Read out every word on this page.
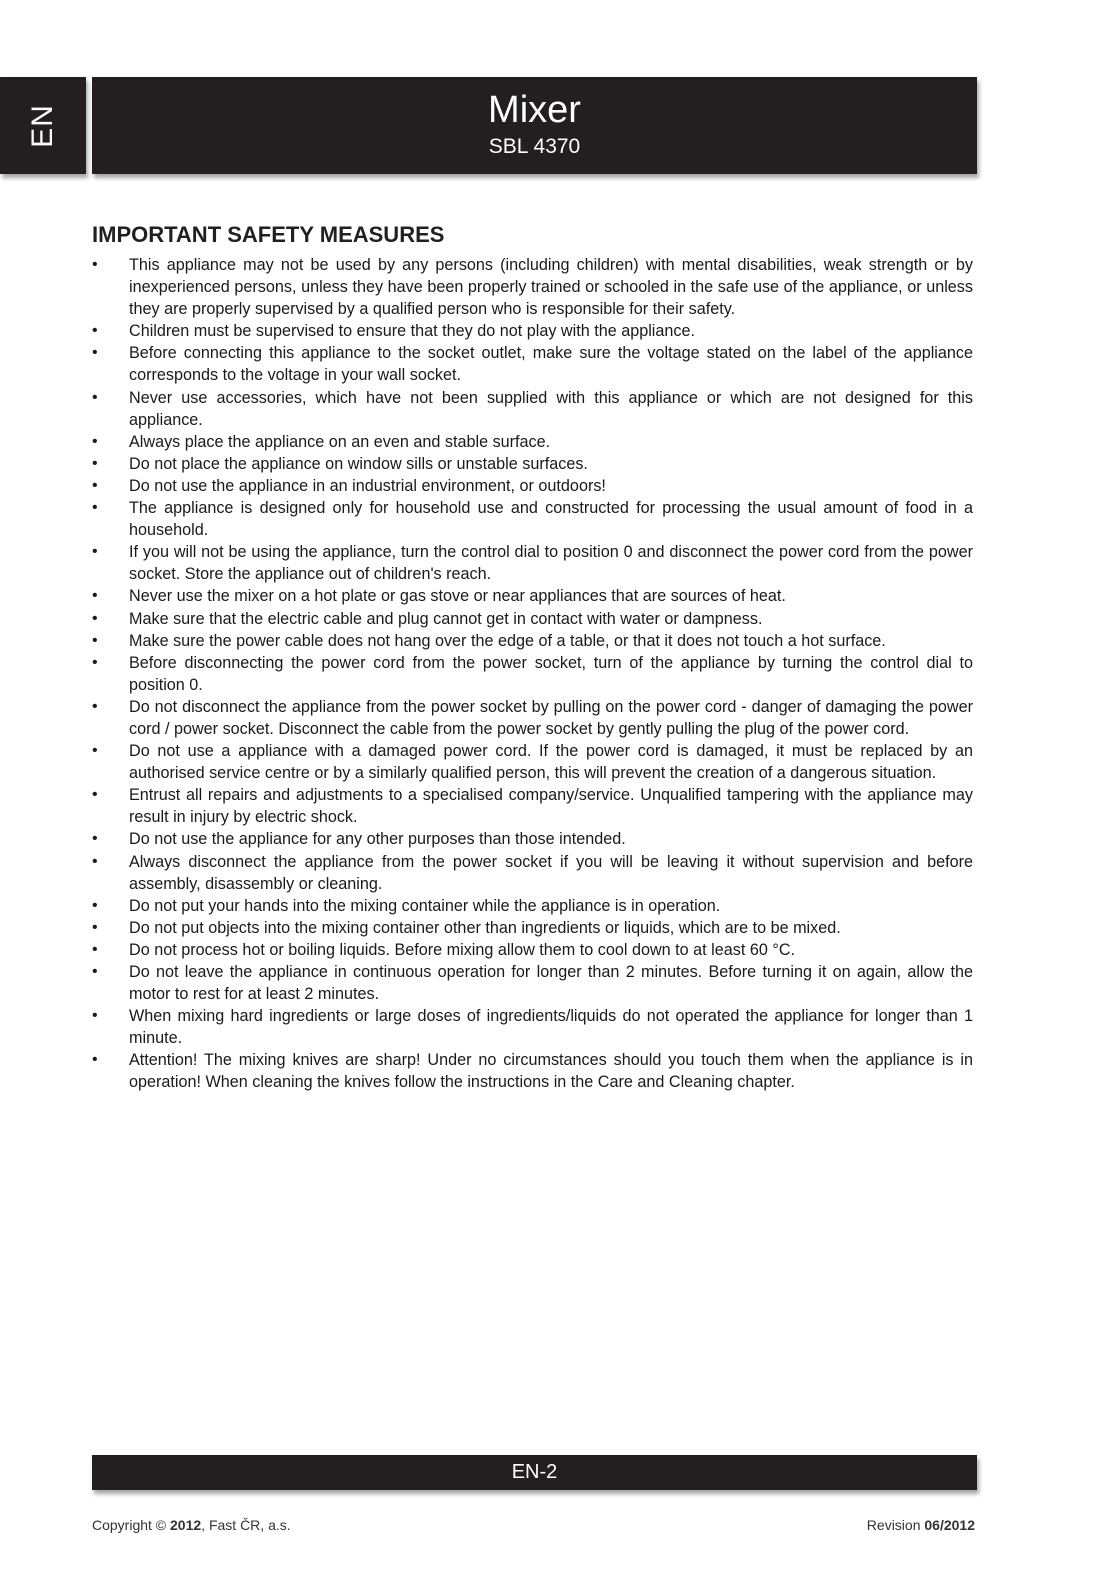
EN	Mixer
SBL 4370
IMPORTANT SAFETY MEASURES
• This appliance may not be used by any persons (including children) with mental disabilities, weak strength or by inexperienced persons, unless they have been properly trained or schooled in the safe use of the appliance, or unless they are properly supervised by a qualified person who is responsible for their safety.
• Children must be supervised to ensure that they do not play with the appliance.
• Before connecting this appliance to the socket outlet, make sure the voltage stated on the label of the appliance corresponds to the voltage in your wall socket.
• Never use accessories, which have not been supplied with this appliance or which are not designed for this appliance.
• Always place the appliance on an even and stable surface.
• Do not place the appliance on window sills or unstable surfaces.
• Do not use the appliance in an industrial environment, or outdoors!
• The appliance is designed only for household use and constructed for processing the usual amount of food in a household.
• If you will not be using the appliance, turn the control dial to position 0 and disconnect the power cord from the power socket. Store the appliance out of children's reach.
• Never use the mixer on a hot plate or gas stove or near appliances that are sources of heat.
• Make sure that the electric cable and plug cannot get in contact with water or dampness.
• Make sure the power cable does not hang over the edge of a table, or that it does not touch a hot surface.
• Before disconnecting the power cord from the power socket, turn of the appliance by turning the control dial to position 0.
• Do not disconnect the appliance from the power socket by pulling on the power cord - danger of damaging the power cord / power socket. Disconnect the cable from the power socket by gently pulling the plug of the power cord.
• Do not use a appliance with a damaged power cord. If the power cord is damaged, it must be replaced by an authorised service centre or by a similarly qualified person, this will prevent the creation of a dangerous situation.
• Entrust all repairs and adjustments to a specialised company/service. Unqualified tampering with the appliance may result in injury by electric shock.
• Do not use the appliance for any other purposes than those intended.
• Always disconnect the appliance from the power socket if you will be leaving it without supervision and before assembly, disassembly or cleaning.
• Do not put your hands into the mixing container while the appliance is in operation.
• Do not put objects into the mixing container other than ingredients or liquids, which are to be mixed.
• Do not process hot or boiling liquids. Before mixing allow them to cool down to at least 60 °C.
• Do not leave the appliance in continuous operation for longer than 2 minutes. Before turning it on again, allow the motor to rest for at least 2 minutes.
• When mixing hard ingredients or large doses of ingredients/liquids do not operated the appliance for longer than 1 minute.
• Attention! The mixing knives are sharp! Under no circumstances should you touch them when the appliance is in operation! When cleaning the knives follow the instructions in the Care and Cleaning chapter.
EN-2
Copyright © 2012, Fast ČR, a.s.	Revision 06/2012
